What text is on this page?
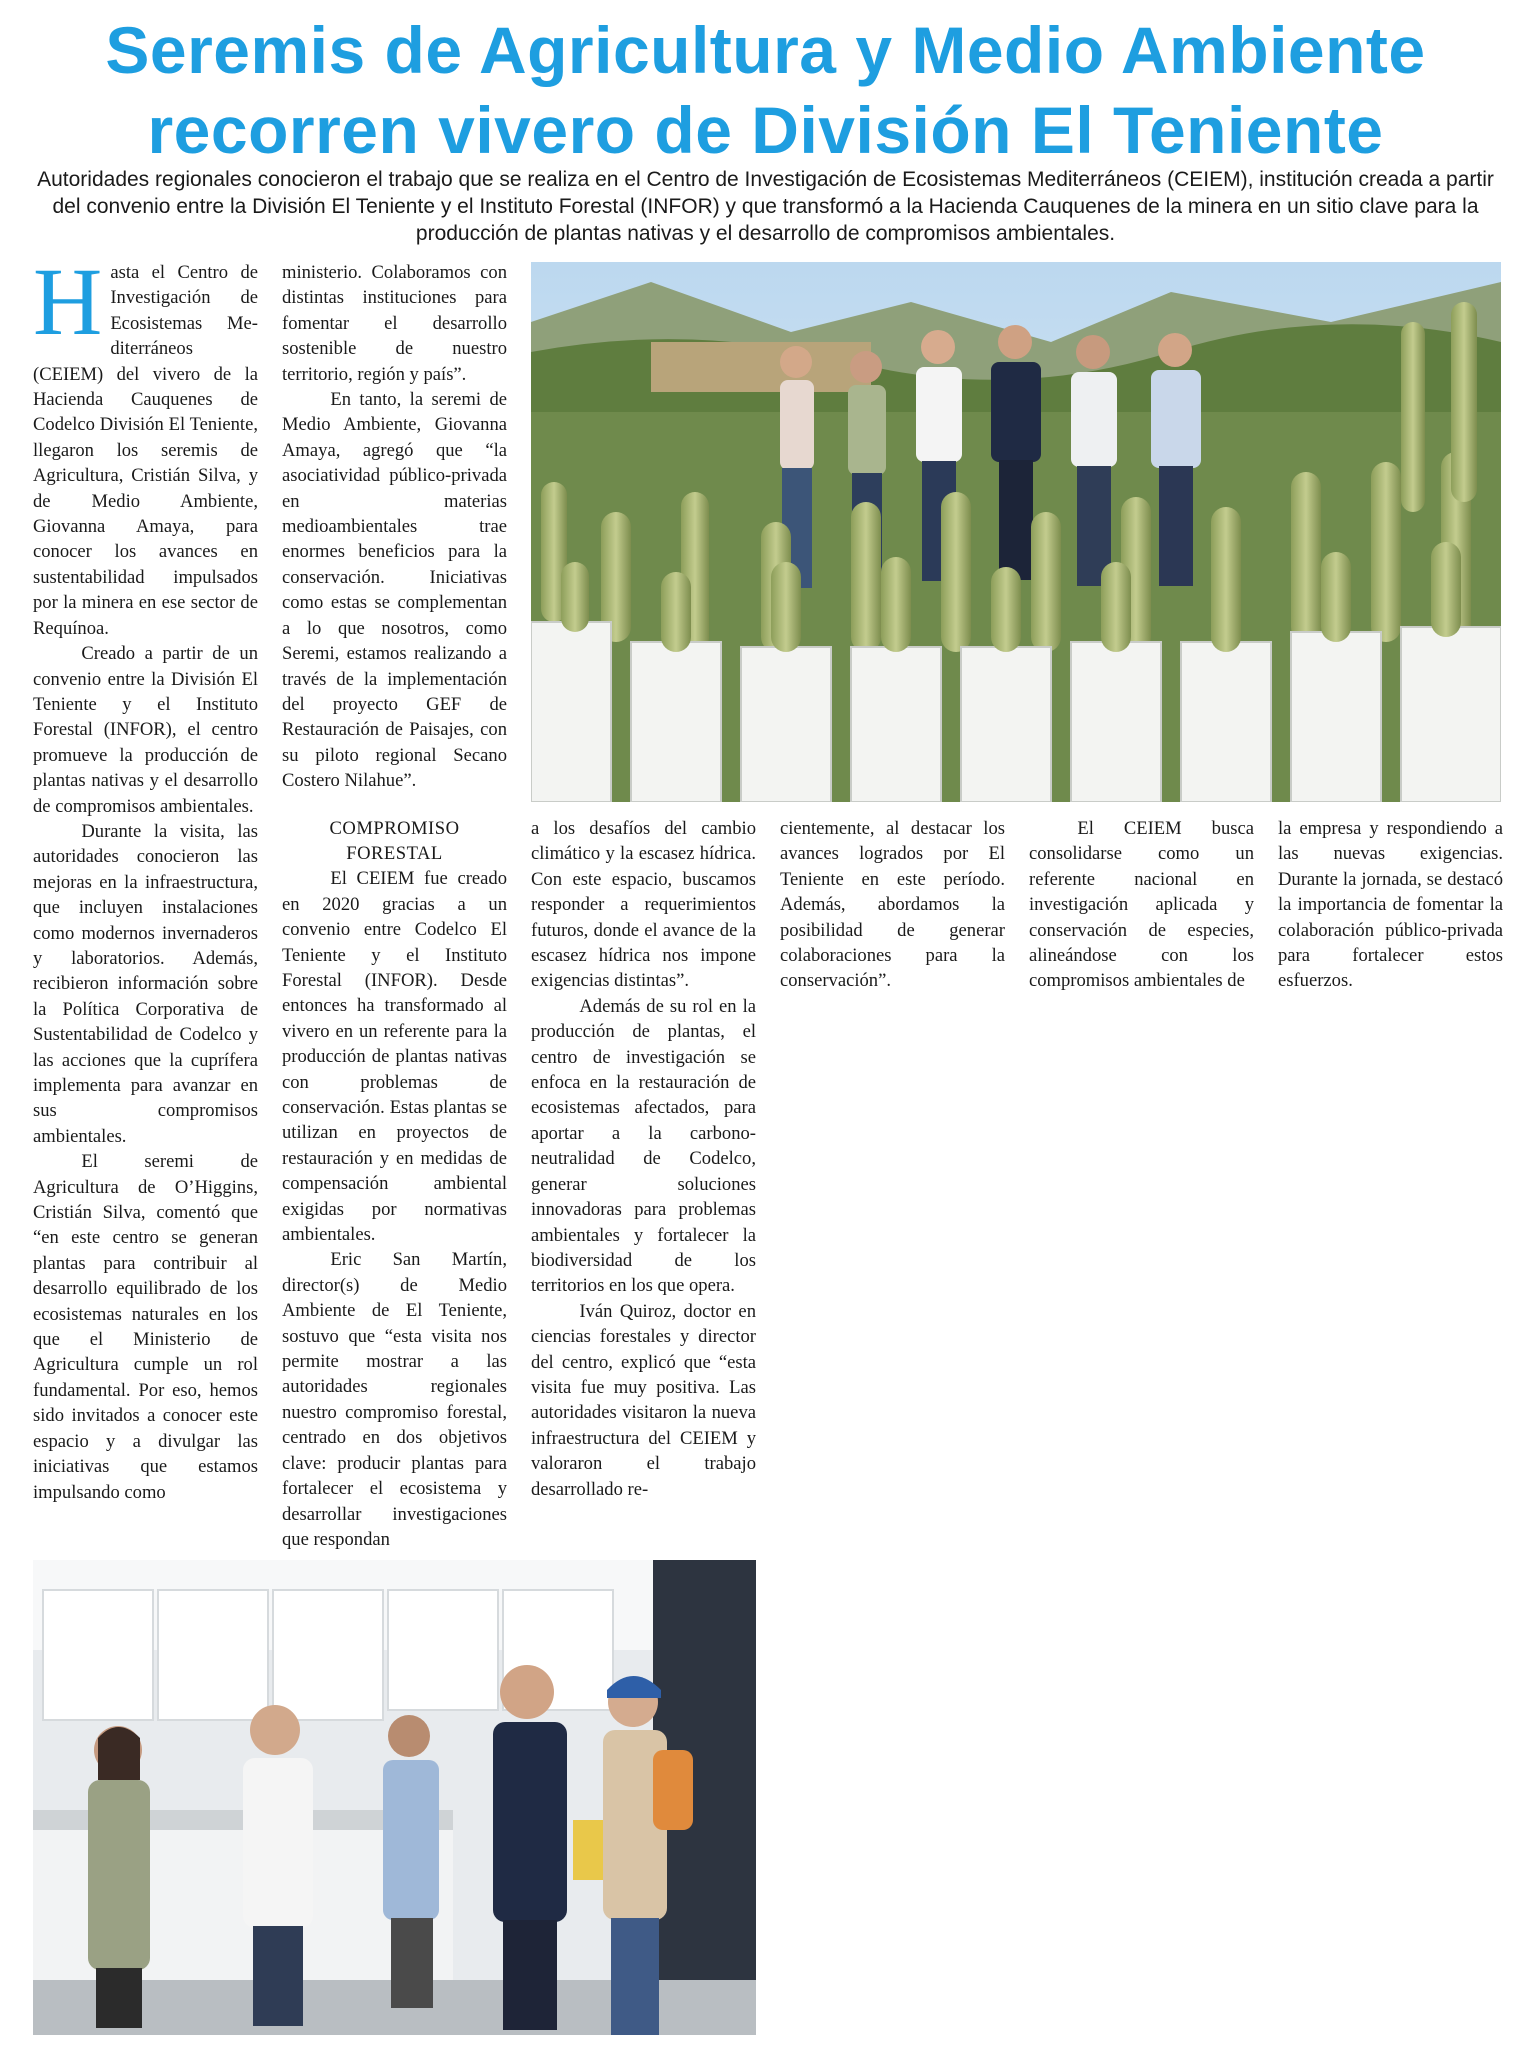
Seremis de Agricultura y Medio Ambiente
recorren vivero de División El Teniente

Autoridades regionales conocieron el trabajo que se realiza en el Centro de Investigación de Ecosistemas Mediterráneos (CEIEM), institución creada a partir del convenio entre la División El Teniente y el Instituto Forestal (INFOR) y que transformó a la Hacienda Cauquenes de la minera en un sitio clave para la producción de plantas nativas y el desarrollo de compromisos ambientales.

H asta el Centro de Investigación de Ecosistemas Me-diterráneos (CEIEM) del vivero de la Hacienda Cauquenes de Codelco División El Teniente, llegaron los seremis de Agricultura, Cristián Silva, y de Medio Ambiente, Giovanna Amaya, para conocer los avances en sustentabilidad impulsados por la minera en ese sector de Requínoa.

Creado a partir de un convenio entre la División El Teniente y el Instituto Forestal (INFOR), el centro promueve la producción de plantas nativas y el desarrollo de compromisos ambientales.

Durante la visita, las autoridades conocieron las mejoras en la infraestructura, que incluyen instalaciones como modernos invernaderos y laboratorios. Además, recibieron información sobre la Política Corporativa de Sustentabilidad de Codelco y las acciones que la cuprífera implementa para avanzar en sus compromisos ambientales.

El seremi de Agricultura de O’Higgins, Cristián Silva, comentó que “en este centro se generan plantas para contribuir al desarrollo equilibrado de los ecosistemas naturales en los que el Ministerio de Agricultura cumple un rol fundamental. Por eso, hemos sido invitados a conocer este espacio y a divulgar las iniciativas que estamos impulsando como

ministerio. Colaboramos con distintas instituciones para fomentar el desarrollo sostenible de nuestro territorio, región y país”.

En tanto, la seremi de Medio Ambiente, Giovanna Amaya, agregó que “la asociatividad público-privada en materias medioambientales trae enormes beneficios para la conservación. Iniciativas como estas se complementan a lo que nosotros, como Seremi, estamos realizando a través de la implementación del proyecto GEF de Restauración de Paisajes, con su piloto regional Secano Costero Nilahue”.

COMPROMISO FORESTAL

El CEIEM fue creado en 2020 gracias a un convenio entre Codelco El Teniente y el Instituto Forestal (INFOR). Desde entonces ha transformado al vivero en un referente para la producción de plantas nativas con problemas de conservación. Estas plantas se utilizan en proyectos de restauración y en medidas de compensación ambiental exigidas por normativas ambientales.

Eric San Martín, director(s) de Medio Ambiente de El Teniente, sostuvo que “esta visita nos permite mostrar a las autoridades regionales nuestro compromiso forestal, centrado en dos objetivos clave: producir plantas para fortalecer el ecosistema y desarrollar investigaciones que respondan

a los desafíos del cambio climático y la escasez hídrica. Con este espacio, buscamos responder a requerimientos futuros, donde el avance de la escasez hídrica nos impone exigencias distintas”.

Además de su rol en la producción de plantas, el centro de investigación se enfoca en la restauración de ecosistemas afectados, para aportar a la carbono-neutralidad de Codelco, generar soluciones innovadoras para problemas ambientales y fortalecer la biodiversidad de los territorios en los que opera.

Iván Quiroz, doctor en ciencias forestales y director del centro, explicó que “esta visita fue muy positiva. Las autoridades visitaron la nueva infraestructura del CEIEM y valoraron el trabajo desarrollado re-

cientemente, al destacar los avances logrados por El Teniente en este período. Además, abordamos la posibilidad de generar colaboraciones para la conservación”.

El CEIEM busca consolidarse como un referente nacional en investigación aplicada y conservación de especies, alineándose con los compromisos ambientales de

la empresa y respondiendo a las nuevas exigencias. Durante la jornada, se destacó la importancia de fomentar la colaboración público-privada para fortalecer estos esfuerzos.
